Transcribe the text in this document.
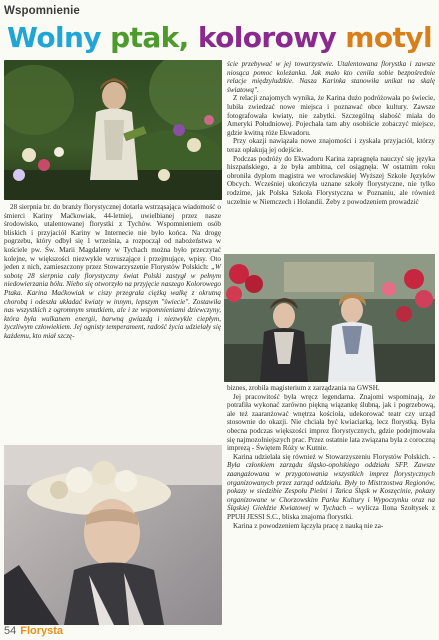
Wspomnienie
Wolny ptak, kolorowy motyl

28 sierpnia br. do branży florystycznej dotarła wstrząsająca wiadomość o śmierci Kariny Maćkowiak, 44-letniej, uwielbianej przez nasze środowisko, utalentowanej florystki z Tychów. Wspomnieniem osób bliskich i przyjaciół Kariny w Internecie nie było końca. Na drogę pogrzebu, który odbył się 1 września, a rozpoczął od nabożeństwa w kościele pw. Św. Marii Magdaleny w Tychach można było przeczytać kolejne, w większości niezwykle wzruszające i przejmujące, wpisy. Oto jeden z nich, zamieszczony przez Stowarzyszenie Florystów Polskich: „W sobotę 28 sierpnia cały florystyczny świat Polski zastygł w pełnym niedowierzania bólu. Niebo się otworzyło na przyjęcie naszego Kolorowego Ptaka. Karina Maćkowiak w ciszy przegrała ciężką walkę z okrutną chorobą i odeszła układać kwiaty w innym, lepszym "świecie". Zostawiła nas wszystkich z ogromnym smutkiem, ale i ze wspomnieniami dziewczyny, która była wulkanem energii, barwną gwiazdą i niezwykle ciepłym, życzliwym człowiekiem. Jej ognisty temperament, radość życia udzielały się każdemu, kto miał szczę-

ście przebywać w jej towarzystwie. Utalentowana florystka i zawsze niosąca pomoc koleżanka. Jak mało kto ceniła sobie bezpośrednie relacje międzyludzkie. Nasza Karinka stanowiła unikat na skalę światową".

Z relacji znajomych wynika, że Karina dużo podróżowała po świecie, lubiła zwiedzać nowe miejsca i poznawać obce kultury. Zawsze fotografowała kwiaty, nie zabytki. Szczególną słabość miała do Ameryki Południowej. Pojechała tam aby osobiście zobaczyć miejsce, gdzie kwitną róże Ekwadoru.

Przy okazji nawiązała nowe znajomości i zyskała przyjaciół, którzy teraz opłakują jej odejście.

Podczas podróży do Ekwadoru Karina zapragnęła nauczyć się języka hiszpańskiego, a że była ambitna, cel osiągnęła. W ostatnim roku obroniła dyplom magistra we wrocławskiej Wyższej Szkole Języków Obcych. Wcześniej ukończyła uznane szkoły florystyczne, nie tylko rodzime, jak Polska Szkoła Florystyczna w Poznaniu, ale również uczelnie w Niemczech i Holandii. Żeby z powodzeniem prowadzić

biznes, zrobiła magisterium z zarządzania na GWSH.

Jej pracowitość była wręcz legendarna. Znajomi wspominają, że potrafiła wykonać zarówno piękną wiązankę ślubną, jak i pogrzebową, ale też zaaranżować wnętrza kościoła, udekorować teatr czy urząd stosownie do okazji. Nie chciała być kwiaciarką, lecz florystką. Była obecna podczas większości imprez florystycznych, gdzie podejmowała się najmozolniejszych prac. Przez ostatnie lata związana była z coroczną imprezą - Świętem Róży w Kutnie.

Karina udzielała się również w Stowarzyszeniu Florystów Polskich. - Była członkiem zarządu śląsko-opolskiego oddziału SFP. Zawsze zaangażowana w przygotowania wszystkich imprez florystycznych organizowanych przez zarząd oddziału. Były to Mistrzostwa Regionów, pokazy w siedzibie Zespołu Pieśni i Tańca Śląsk w Koszęcinie, pokazy organizowane w Chorzowskim Parku Kultury i Wypoczynku oraz na Śląskiej Giełdzie Kwiatowej w Tychach – wylicza Ilona Szołtysek z PPUH JESSI S.C., bliska znajoma florystki.

Karina z powodzeniem łączyła pracę z nauką nie za-

54 Florysta
